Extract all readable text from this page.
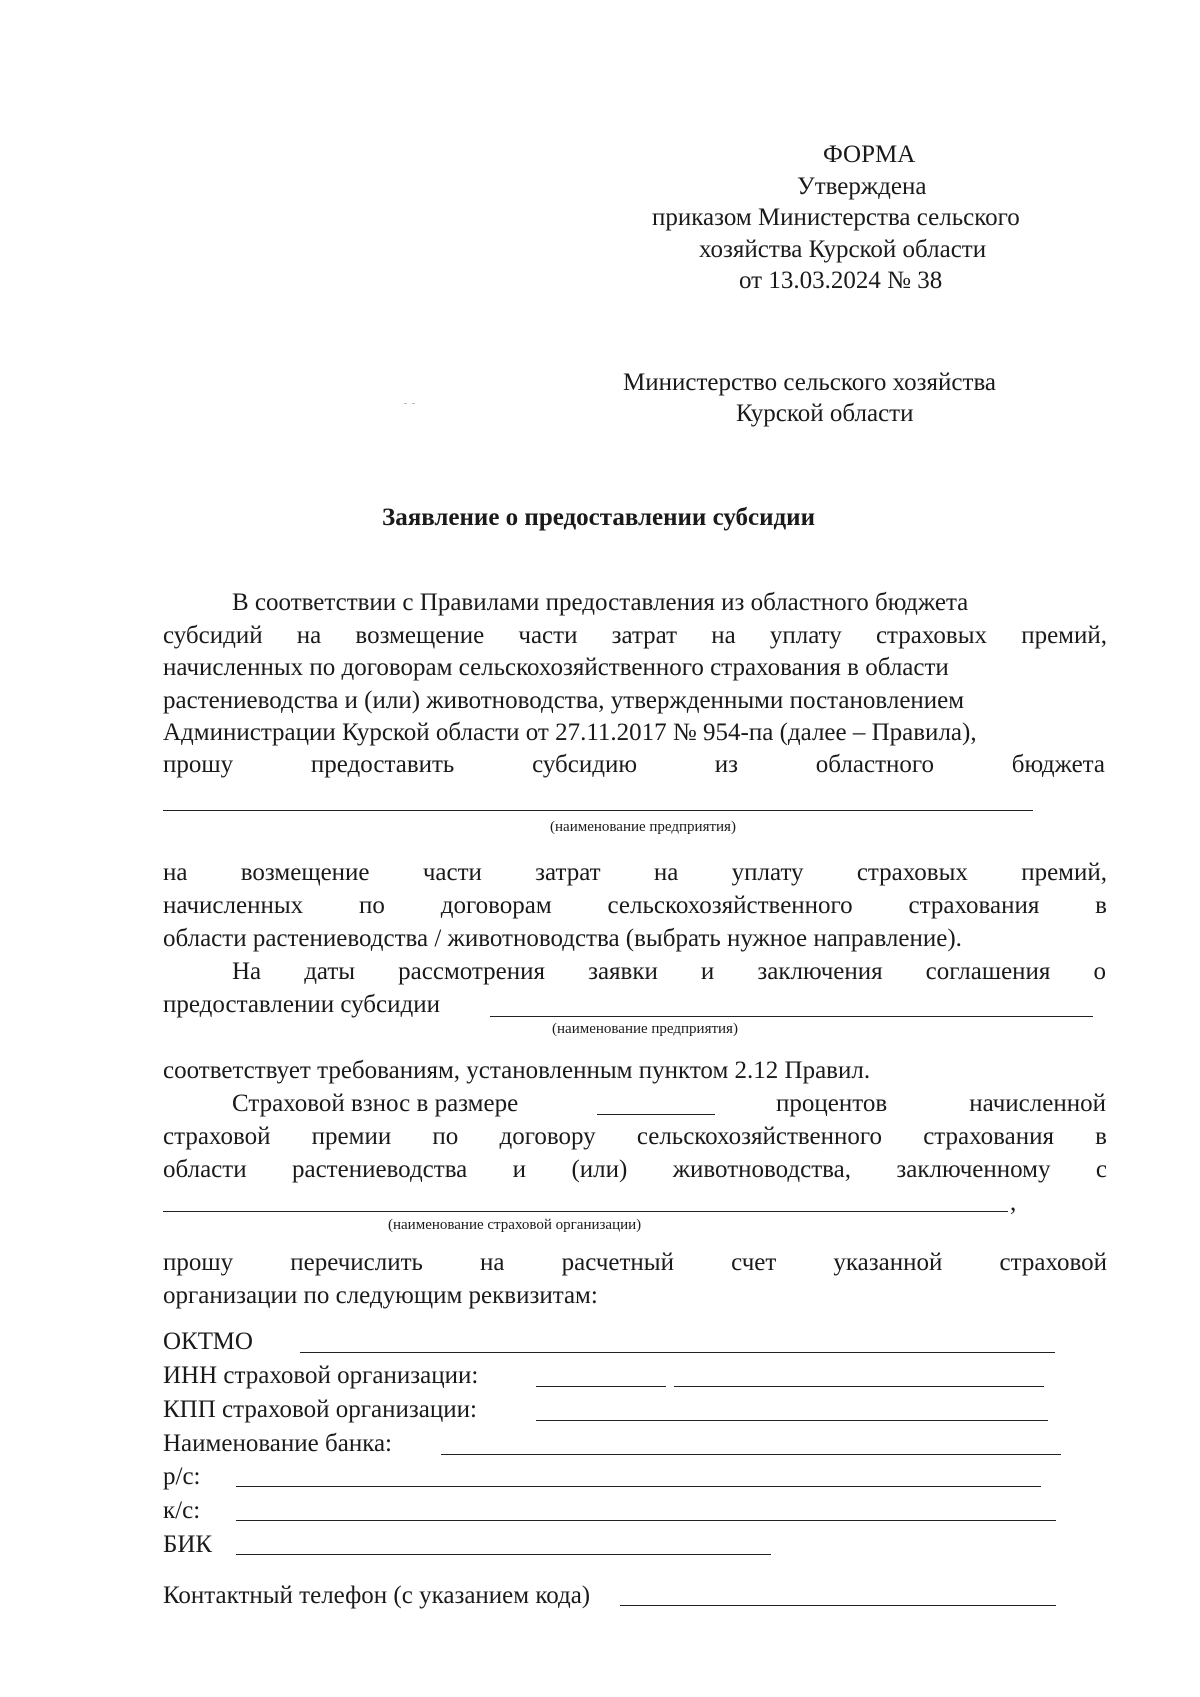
ФОРМА
Утверждена
приказом Министерства сельского
хозяйства Курской области
от 13.03.2024 № 38
Министерство сельского хозяйства
Курской области
Заявление о предоставлении субсидии
В соответствии с Правилами предоставления из областного бюджета
субсидий на возмещение части затрат на уплату страховых премий,
начисленных по договорам сельскохозяйственного страхования в области
растениеводства и (или) животноводства, утвержденными постановлением
Администрации Курской области от 27.11.2017 № 954-па (далее – Правила),
прошу предоставить субсидию из областного бюджета
(наименование предприятия)
на возмещение части затрат на уплату страховых премий,
начисленных по договорам сельскохозяйственного страхования в
области растениеводства / животноводства (выбрать нужное направление).
На даты рассмотрения заявки и заключения соглашения о
предоставлении субсидии
(наименование предприятия)
соответствует требованиям, установленным пунктом 2.12 Правил.
Страховой взнос в размере	процентов начисленной
страховой премии по договору сельскохозяйственного страхования в
области растениеводства и (или) животноводства, заключенному с
,
(наименование страховой организации)
прошу перечислить на расчетный счет указанной страховой
организации по следующим реквизитам:
ОКТМО
ИНН страховой организации:
КПП страховой организации:
Наименование банка:
р/с:
к/с:
БИК
Контактный телефон (с указанием кода)
